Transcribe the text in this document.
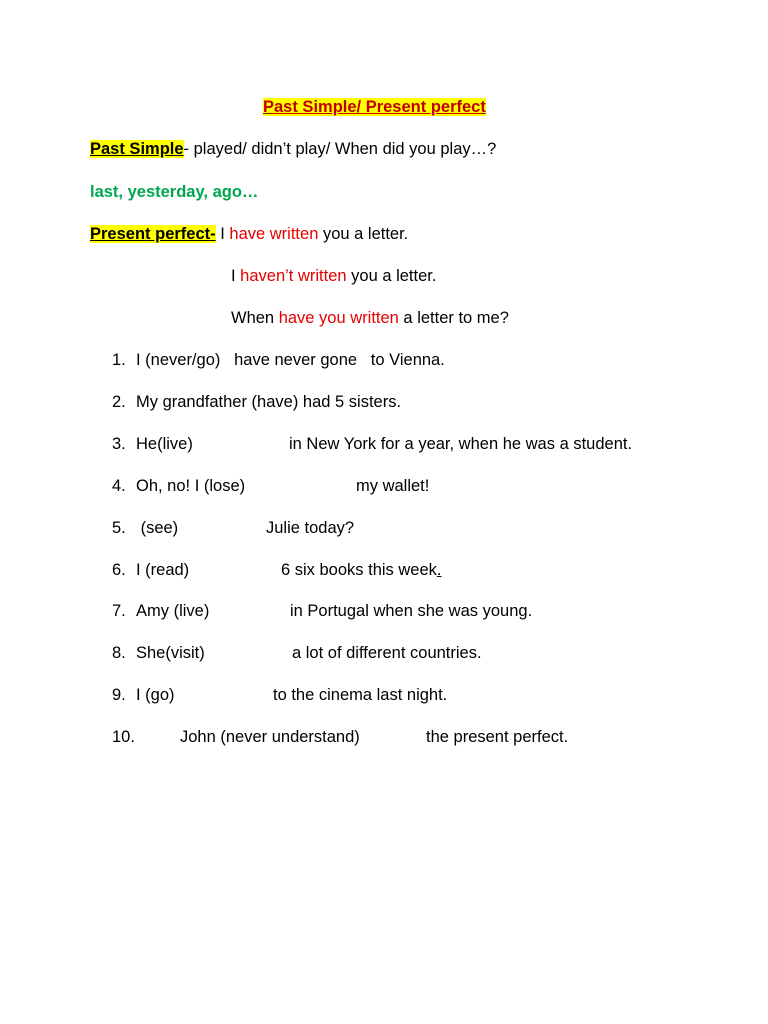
Past Simple/ Present perfect
Past Simple- played/ didn’t play/ When did you play…?
last, yesterday, ago…
Present perfect- I have written you a letter.
I haven’t written you a letter.
When have you written a letter to me?
1. I (never/go)   have never gone   to Vienna.
2. My grandfather (have) had 5 sisters.
3. He(live)	in New York for a year, when he was a student.
4. Oh, no! I (lose)	my wallet!
5. (see)	Julie today?
6. I (read)	6 six books this week.
7. Amy (live)	in Portugal when she was young.
8. She(visit)	a lot of different countries.
9. I (go)	to the cinema last night.
10.	John (never understand)	the present perfect.
